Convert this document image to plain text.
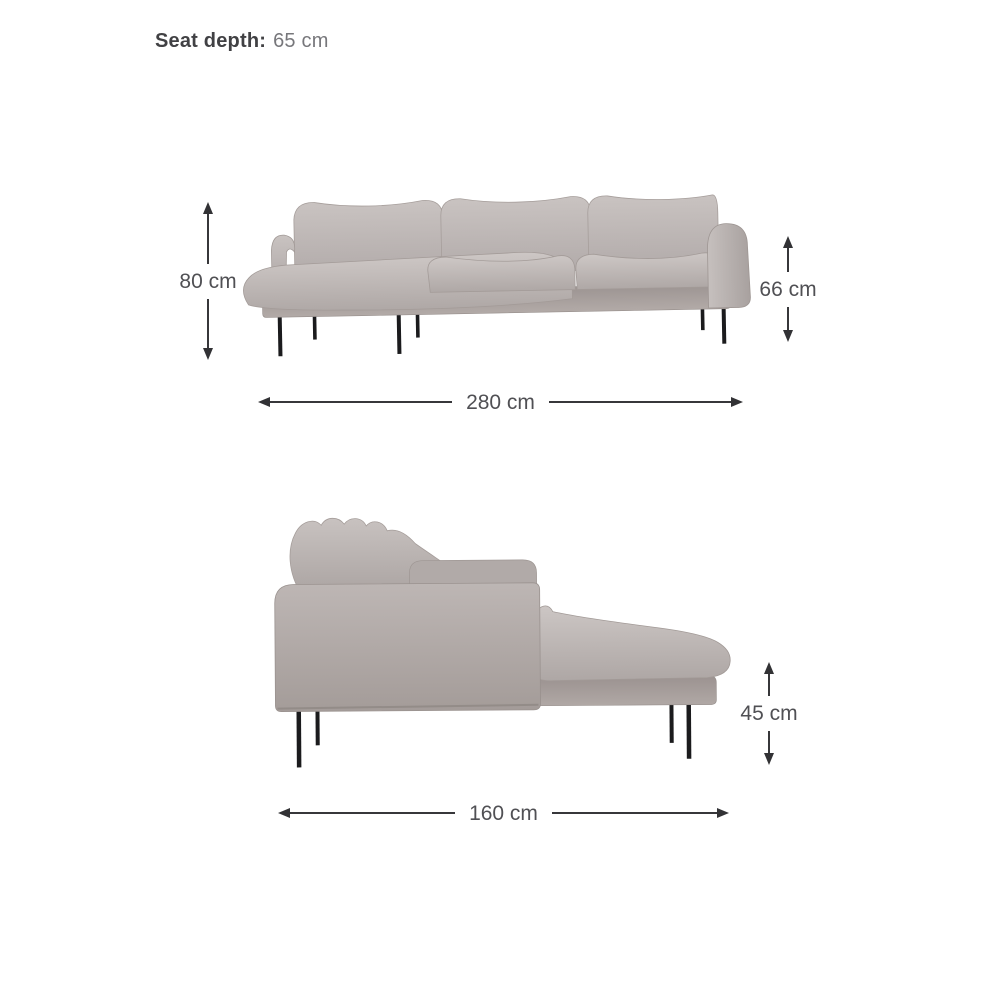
Seat depth: 65 cm
80 cm	66 cm
280 cm
45 cm
160 cm
